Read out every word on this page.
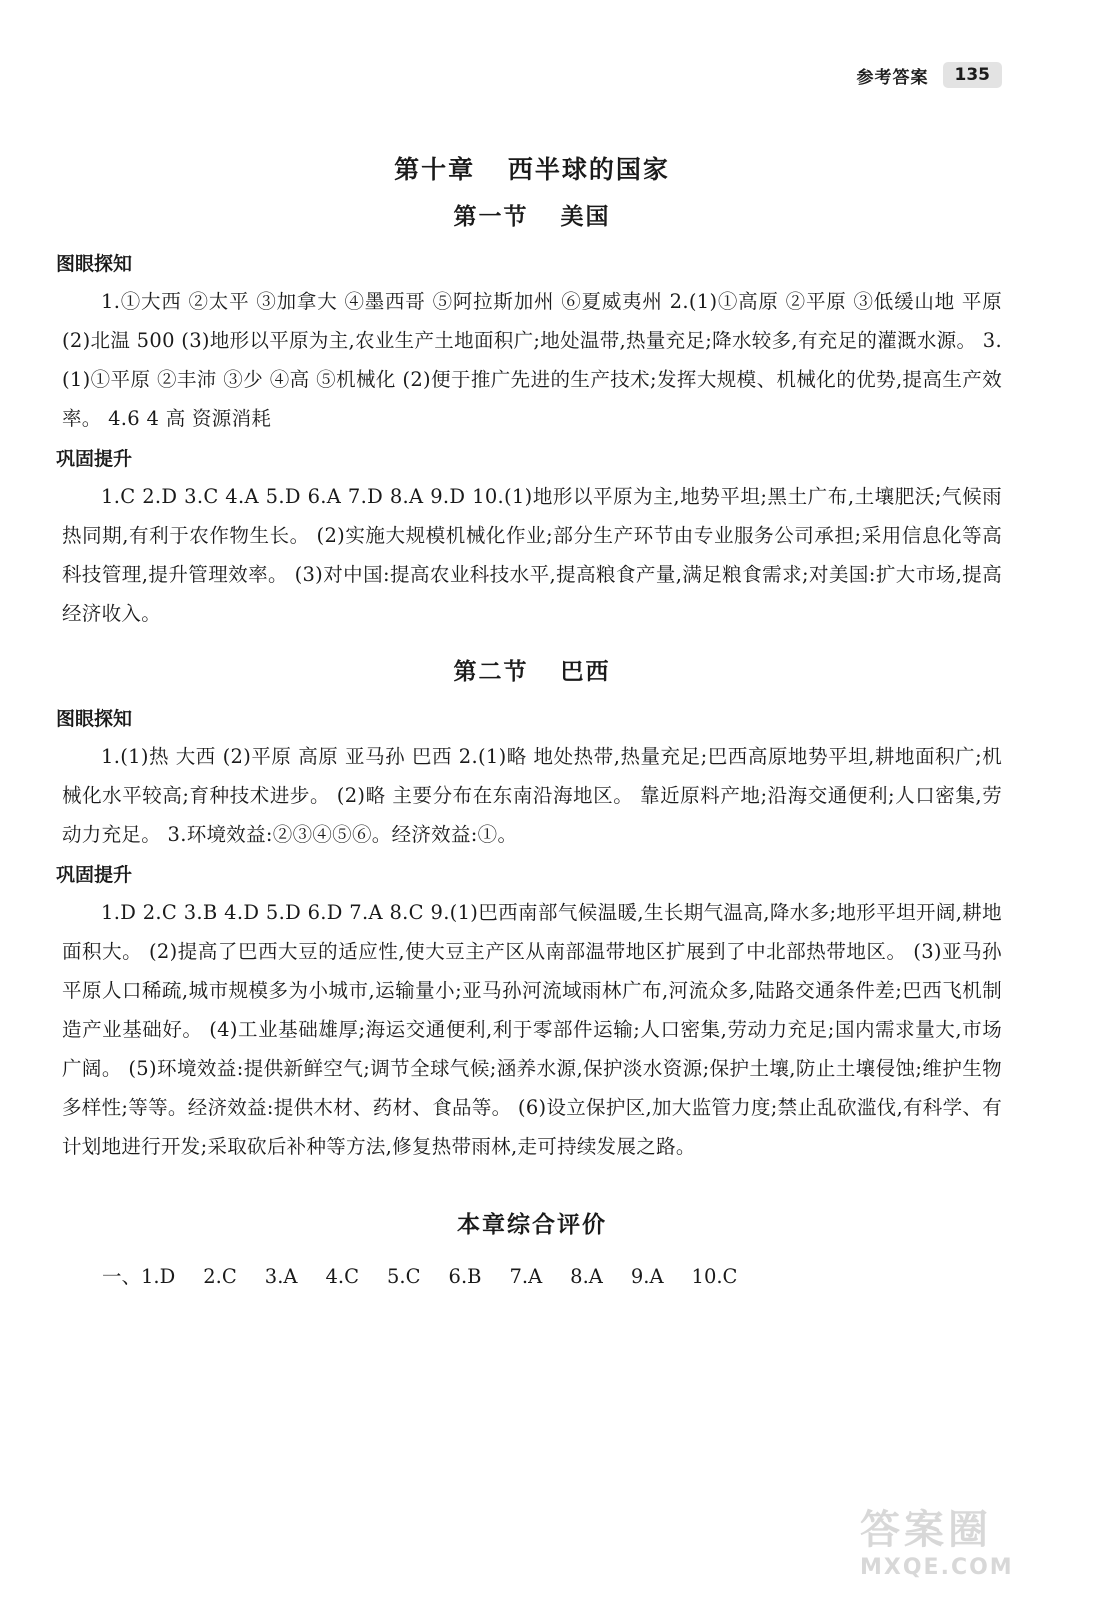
参考答案	135
第十章 西半球的国家
第一节 美国
图眼探知

1.①大西 ②太平 ③加拿大 ④墨西哥 ⑤阿拉斯加州 ⑥夏威夷州 2.(1)①高原 ②平原 ③低缓山地 平原 (2)北温 500 (3)地形以平原为主,农业生产土地面积广;地处温带,热量充足;降水较多,有充足的灌溉水源。 3.(1)①平原 ②丰沛 ③少 ④高 ⑤机械化 (2)便于推广先进的生产技术;发挥大规模、机械化的优势,提高生产效率。 4.6 4 高 资源消耗

巩固提升

1.C 2.D 3.C 4.A 5.D 6.A 7.D 8.A 9.D 10.(1)地形以平原为主,地势平坦;黑土广布,土壤肥沃;气候雨热同期,有利于农作物生长。 (2)实施大规模机械化作业;部分生产环节由专业服务公司承担;采用信息化等高科技管理,提升管理效率。 (3)对中国:提高农业科技水平,提高粮食产量,满足粮食需求;对美国:扩大市场,提高经济收入。

第二节 巴西
图眼探知

1.(1)热 大西 (2)平原 高原 亚马孙 巴西 2.(1)略 地处热带,热量充足;巴西高原地势平坦,耕地面积广;机械化水平较高;育种技术进步。 (2)略 主要分布在东南沿海地区。 靠近原料产地;沿海交通便利;人口密集,劳动力充足。 3.环境效益:②③④⑤⑥。经济效益:①。

巩固提升

1.D 2.C 3.B 4.D 5.D 6.D 7.A 8.C 9.(1)巴西南部气候温暖,生长期气温高,降水多;地形平坦开阔,耕地面积大。 (2)提高了巴西大豆的适应性,使大豆主产区从南部温带地区扩展到了中北部热带地区。 (3)亚马孙平原人口稀疏,城市规模多为小城市,运输量小;亚马孙河流域雨林广布,河流众多,陆路交通条件差;巴西飞机制造产业基础好。 (4)工业基础雄厚;海运交通便利,利于零部件运输;人口密集,劳动力充足;国内需求量大,市场广阔。 (5)环境效益:提供新鲜空气;调节全球气候;涵养水源,保护淡水资源;保护土壤,防止土壤侵蚀;维护生物多样性;等等。经济效益:提供木材、药材、食品等。 (6)设立保护区,加大监管力度;禁止乱砍滥伐,有科学、有计划地进行开发;采取砍后补种等方法,修复热带雨林,走可持续发展之路。

本章综合评价
一、1.D 2.C 3.A 4.C 5.C 6.B 7.A 8.A 9.A 10.C
答案圈
MXQE.COM
